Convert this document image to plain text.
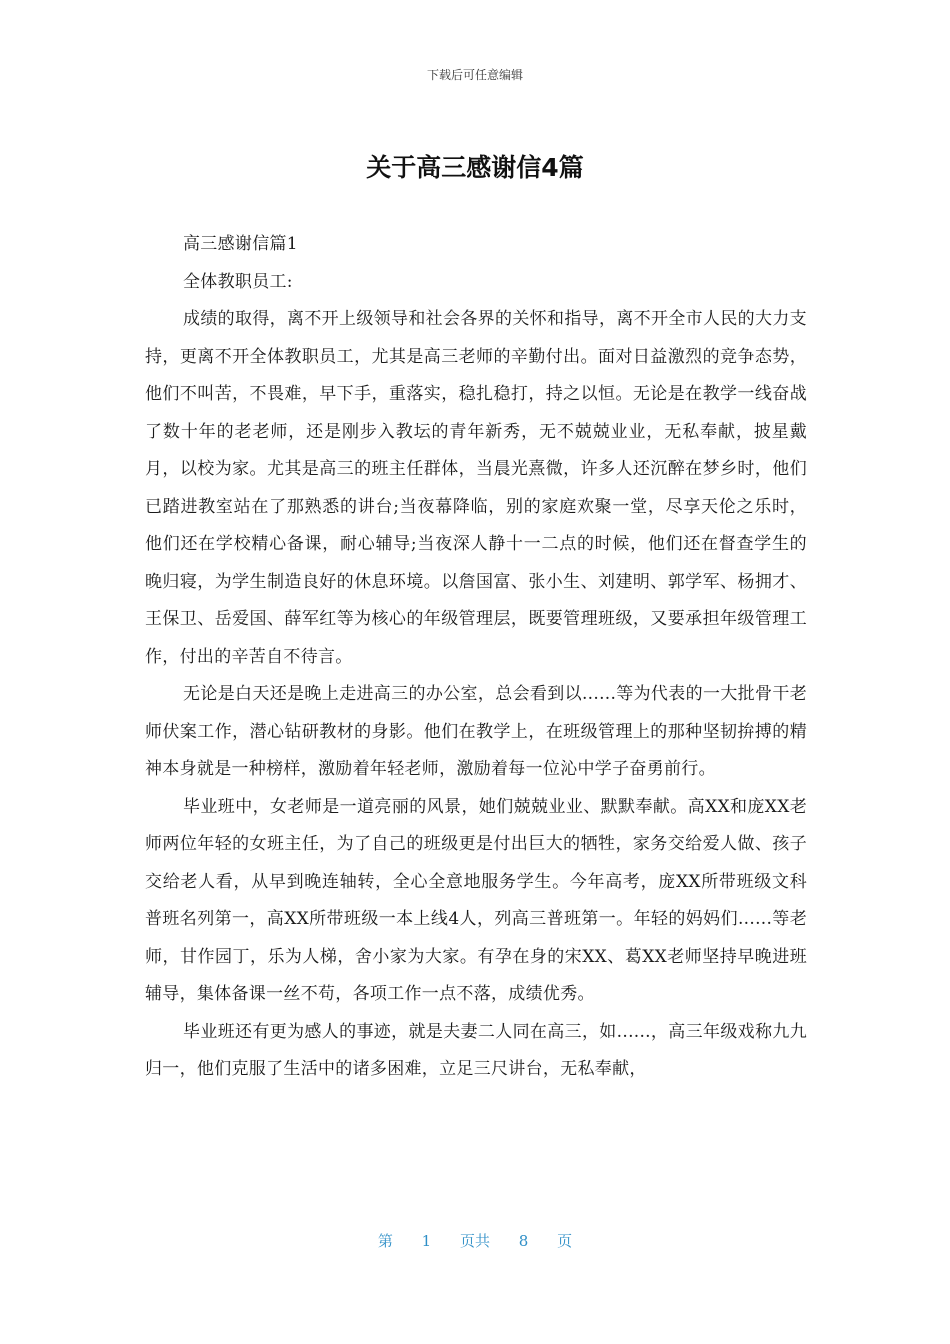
下载后可任意编辑
关于高三感谢信4篇

高三感谢信篇1

全体教职员工:

成绩的取得，离不开上级领导和社会各界的关怀和指导，离不开全市人民的大力支持，更离不开全体教职员工，尤其是高三老师的辛勤付出。面对日益激烈的竞争态势，他们不叫苦，不畏难，早下手，重落实，稳扎稳打，持之以恒。无论是在教学一线奋战了数十年的老老师，还是刚步入教坛的青年新秀，无不兢兢业业，无私奉献，披星戴月，以校为家。尤其是高三的班主任群体，当晨光熹微，许多人还沉醉在梦乡时，他们已踏进教室站在了那熟悉的讲台;当夜幕降临，别的家庭欢聚一堂，尽享天伦之乐时，他们还在学校精心备课，耐心辅导;当夜深人静十一二点的时候，他们还在督查学生的晚归寝，为学生制造良好的休息环境。以詹国富、张小生、刘建明、郭学军、杨拥才、王保卫、岳爱国、薛军红等为核心的年级管理层，既要管理班级，又要承担年级管理工作，付出的辛苦自不待言。

无论是白天还是晚上走进高三的办公室，总会看到以......等为代表的一大批骨干老师伏案工作，潜心钻研教材的身影。他们在教学上，在班级管理上的那种坚韧拚搏的精神本身就是一种榜样，激励着年轻老师，激励着每一位沁中学子奋勇前行。

毕业班中，女老师是一道亮丽的风景，她们兢兢业业、默默奉献。高XX和庞XX老师两位年轻的女班主任，为了自己的班级更是付出巨大的牺牲，家务交给爱人做、孩子交给老人看，从早到晚连轴转，全心全意地服务学生。今年高考，庞XX所带班级文科普班名列第一，高XX所带班级一本上线4人，列高三普班第一。年轻的妈妈们......等老师，甘作园丁，乐为人梯，舍小家为大家。有孕在身的宋XX、葛XX老师坚持早晚进班辅导，集体备课一丝不苟，各项工作一点不落，成绩优秀。

毕业班还有更为感人的事迹，就是夫妻二人同在高三，如......，高三年级戏称九九归一，他们克服了生活中的诸多困难，立足三尺讲台，无私奉献，

第 1 页共 8 页
